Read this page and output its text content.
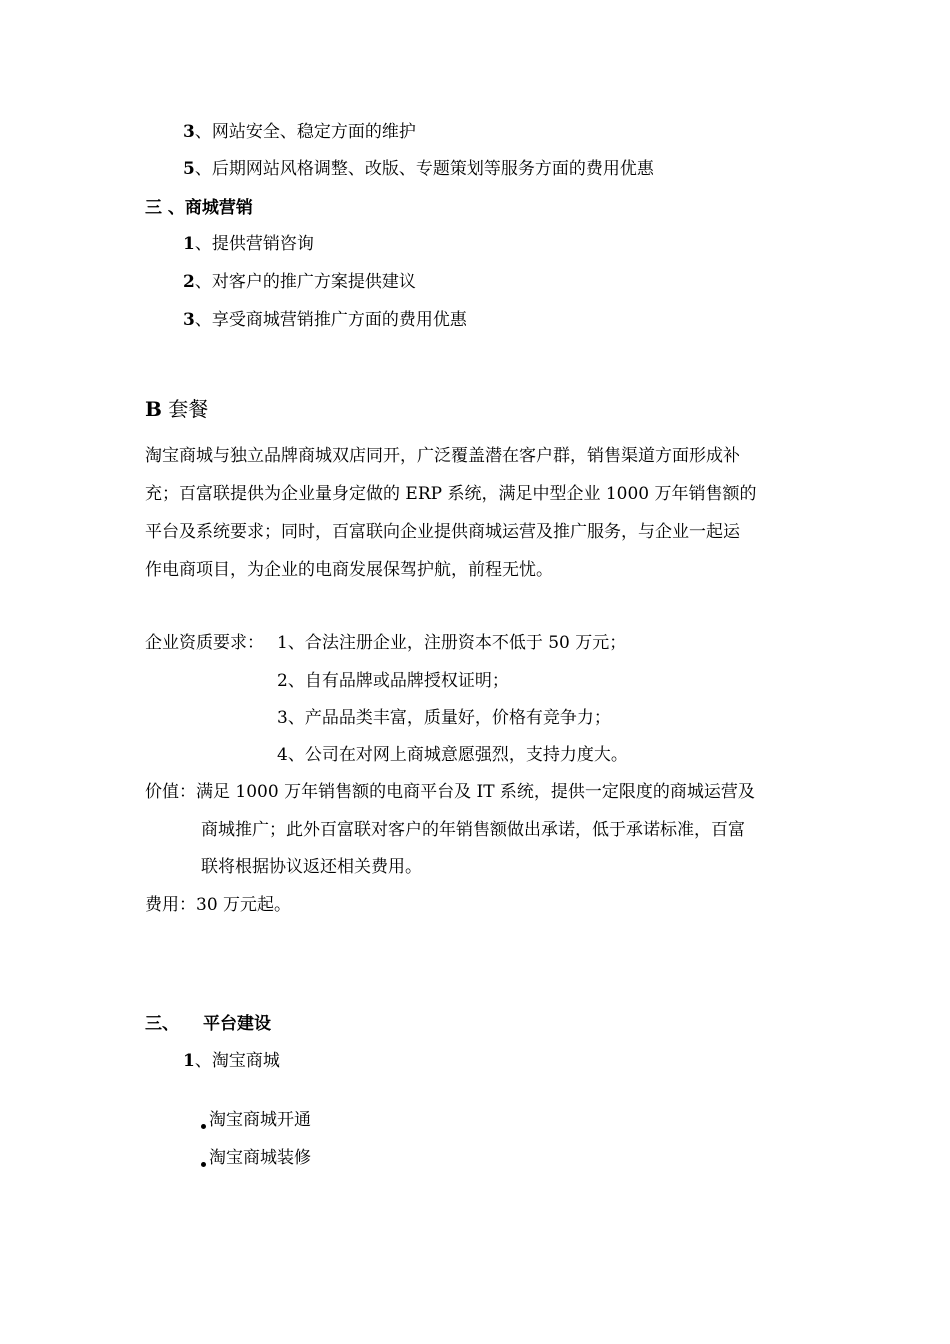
3、网站安全、稳定方面的维护
5、后期网站风格调整、改版、专题策划等服务方面的费用优惠
三 、商城营销
1、提供营销咨询
2、对客户的推广方案提供建议
3、享受商城营销推广方面的费用优惠
B 套餐
淘宝商城与独立品牌商城双店同开，广泛覆盖潜在客户群，销售渠道方面形成补
充；百富联提供为企业量身定做的 ERP 系统，满足中型企业 1000 万年销售额的
平台及系统要求；同时，百富联向企业提供商城运营及推广服务，与企业一起运
作电商项目，为企业的电商发展保驾护航，前程无忧。
企业资质要求： 1、合法注册企业，注册资本不低于 50 万元；
2、自有品牌或品牌授权证明；
3、产品品类丰富，质量好，价格有竞争力；
4、公司在对网上商城意愿强烈，支持力度大。
价值：满足 1000 万年销售额的电商平台及 IT 系统，提供一定限度的商城运营及
商城推广；此外百富联对客户的年销售额做出承诺，低于承诺标准，百富
联将根据协议返还相关费用。
费用：30 万元起。
三、 平台建设
1、淘宝商城
淘宝商城开通
淘宝商城装修
